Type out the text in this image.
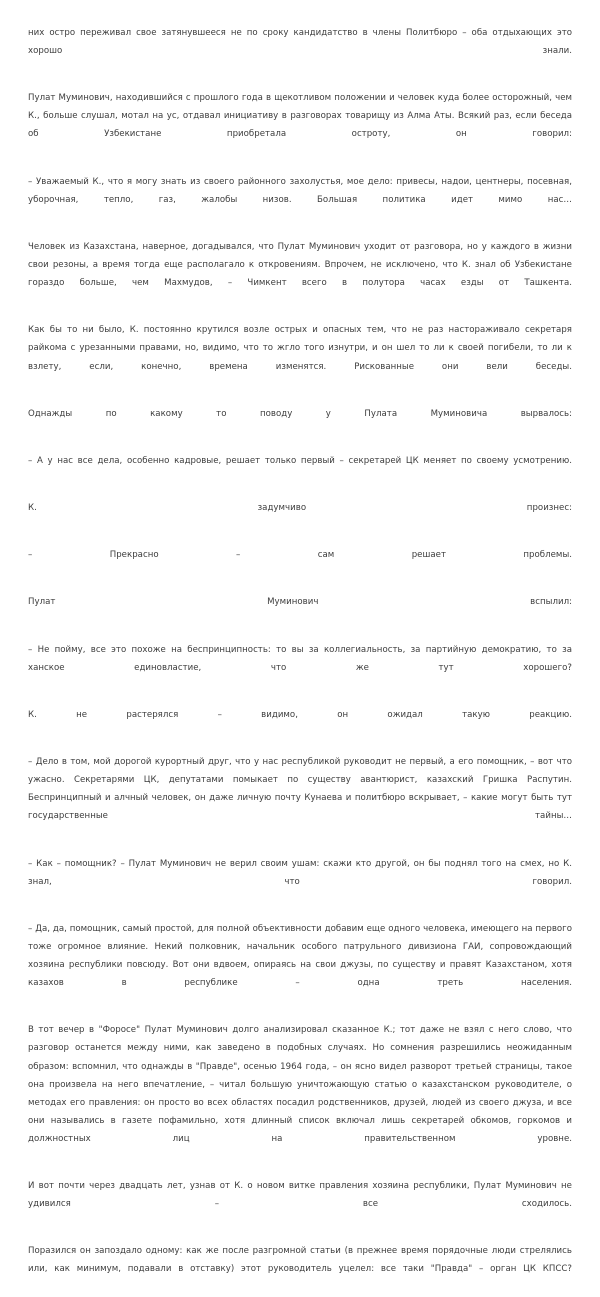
них остро переживал свое затянувшееся не по сроку кандидатство в члены Политбюро – оба отдыхающих это хорошо знали.

Пулат Муминович, находившийся с прошлого года в щекотливом положении и человек куда более осторожный, чем К., больше слушал, мотал на ус, отдавал инициативу в разговорах товарищу из Алма Аты. Всякий раз, если беседа об Узбекистане приобретала остроту, он говорил:

– Уважаемый К., что я могу знать из своего районного захолустья, мое дело: привесы, надои, центнеры, посевная, уборочная, тепло, газ, жалобы низов. Большая политика идет мимо нас…

Человек из Казахстана, наверное, догадывался, что Пулат Муминович уходит от разговора, но у каждого в жизни свои резоны, а время тогда еще располагало к откровениям. Впрочем, не исключено, что К. знал об Узбекистане гораздо больше, чем Махмудов, – Чимкент всего в полутора часах езды от Ташкента.

Как бы то ни было, К. постоянно крутился возле острых и опасных тем, что не раз настораживало секретаря райкома с урезанными правами, но, видимо, что то жгло того изнутри, и он шел то ли к своей погибели, то ли к взлету, если, конечно, времена изменятся. Рискованные они вели беседы.

Однажды по какому то поводу у Пулата Муминовича вырвалось:

– А у нас все дела, особенно кадровые, решает только первый – секретарей ЦК меняет по своему усмотрению.

К. задумчиво произнес:

– Прекрасно – сам решает проблемы.

Пулат Муминович вспылил:

– Не пойму, все это похоже на беспринципность: то вы за коллегиальность, за партийную демократию, то за ханское единовластие, что же тут хорошего?

К. не растерялся – видимо, он ожидал такую реакцию.

– Дело в том, мой дорогой курортный друг, что у нас республикой руководит не первый, а его помощник, – вот что ужасно. Секретарями ЦК, депутатами помыкает по существу авантюрист, казахский Гришка Распутин. Беспринципный и алчный человек, он даже личную почту Кунаева и политбюро вскрывает, – какие могут быть тут государственные тайны…

– Как – помощник? – Пулат Муминович не верил своим ушам: скажи кто другой, он бы поднял того на смех, но К. знал, что говорил.

– Да, да, помощник, самый простой, для полной объективности добавим еще одного человека, имеющего на первого тоже огромное влияние. Некий полковник, начальник особого патрульного дивизиона ГАИ, сопровождающий хозяина республики повсюду. Вот они вдвоем, опираясь на свои джузы, по существу и правят Казахстаном, хотя казахов в республике – одна треть населения.

В тот вечер в "Форосе" Пулат Муминович долго анализировал сказанное К.; тот даже не взял с него слово, что разговор останется между ними, как заведено в подобных случаях. Но сомнения разрешились неожиданным образом: вспомнил, что однажды в "Правде", осенью 1964 года, – он ясно видел разворот третьей страницы, такое она произвела на него впечатление, – читал большую уничтожающую статью о казахстанском руководителе, о методах его правления: он просто во всех областях посадил родственников, друзей, людей из своего джуза, и все они назывались в газете пофамильно, хотя длинный список включал лишь секретарей обкомов, горкомов и должностных лиц на правительственном уровне.

И вот почти через двадцать лет, узнав от К. о новом витке правления хозяина республики, Пулат Муминович не удивился – все сходилось.

Поразился он запоздало одному: как же после разгромной статьи (в прежнее время порядочные люди стрелялись или, как минимум, подавали в отставку) этот руководитель уцелел: все таки "Правда" – орган ЦК КПСС?
